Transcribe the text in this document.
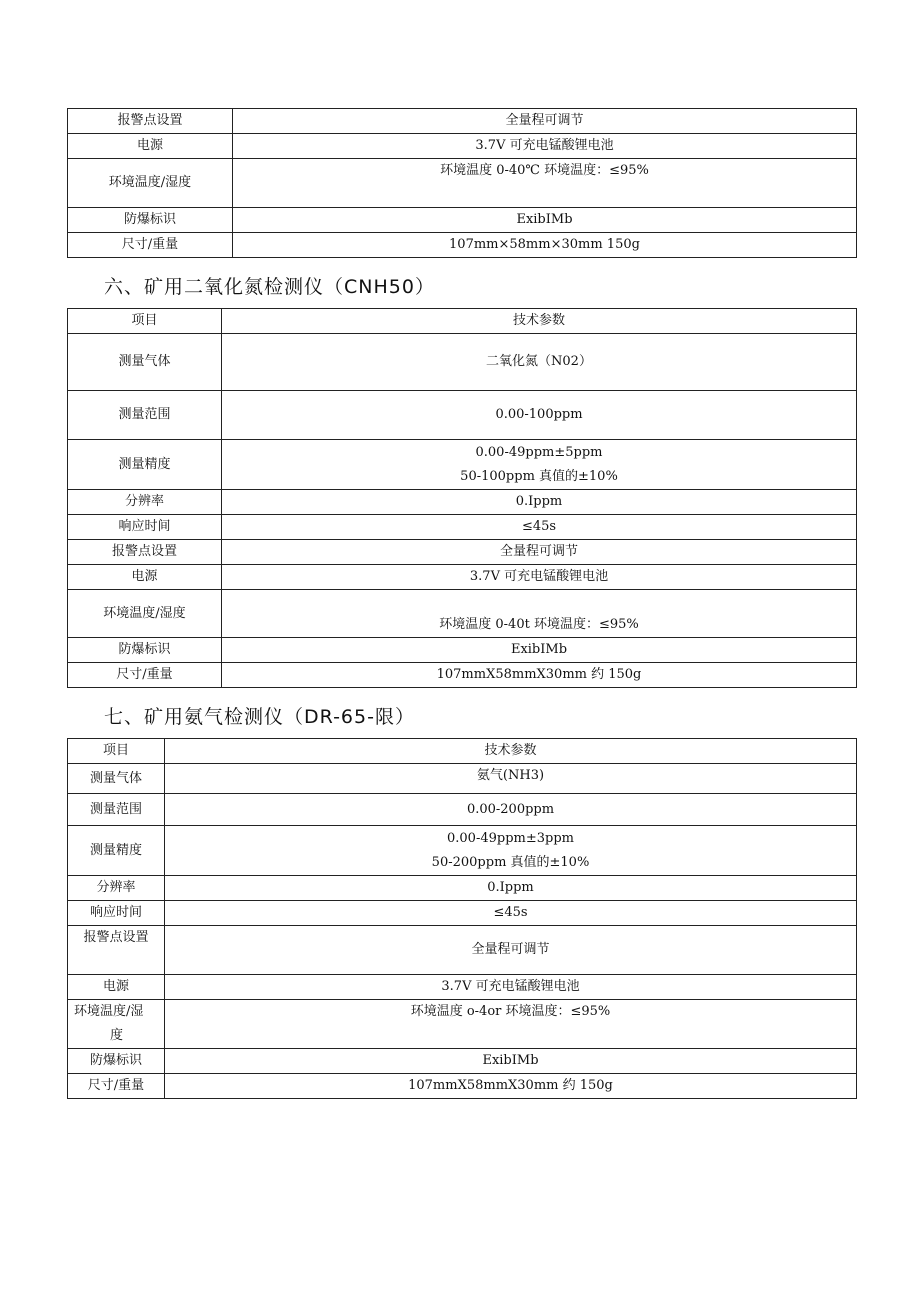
报警点设置	全量程可调节
电源	3.7V 可充电锰酸锂电池
环境温度/湿度	环境温度 0-40℃ 环境温度：≤95%
防爆标识	ExibIMb
尺寸/重量	107mm×58mm×30mm 150g
六、矿用二氧化氮检测仪（CNH50）
项目	技术参数
测量气体	二氧化氮（N02）
测量范围	0.00-100ppm
测量精度	0.00-49ppm±5ppm
50-100ppm 真值的±10%

分辨率	0.Ippm
响应时间	≤45s
报警点设置	全量程可调节
电源	3.7V 可充电锰酸锂电池
环境温度/湿度	环境温度 0-40t 环境温度：≤95%
防爆标识	ExibIMb
尺寸/重量	107mmX58mmX30mm 约 150g
七、矿用氨气检测仪（DR-65-限）
项目	技术参数
测量气体	氨气(NH3)
测量范围	0.00-200ppm
测量精度	0.00-49ppm±3ppm
50-200ppm 真值的±10%

分辨率	0.Ippm
响应时间	≤45s
报警点设置	全量程可调节
电源	3.7V 可充电锰酸锂电池

环境温度/湿
度	环境温度 o-4or 环境温度：≤95%
防爆标识	ExibIMb
尺寸/重量	107mmX58mmX30mm 约 150g
